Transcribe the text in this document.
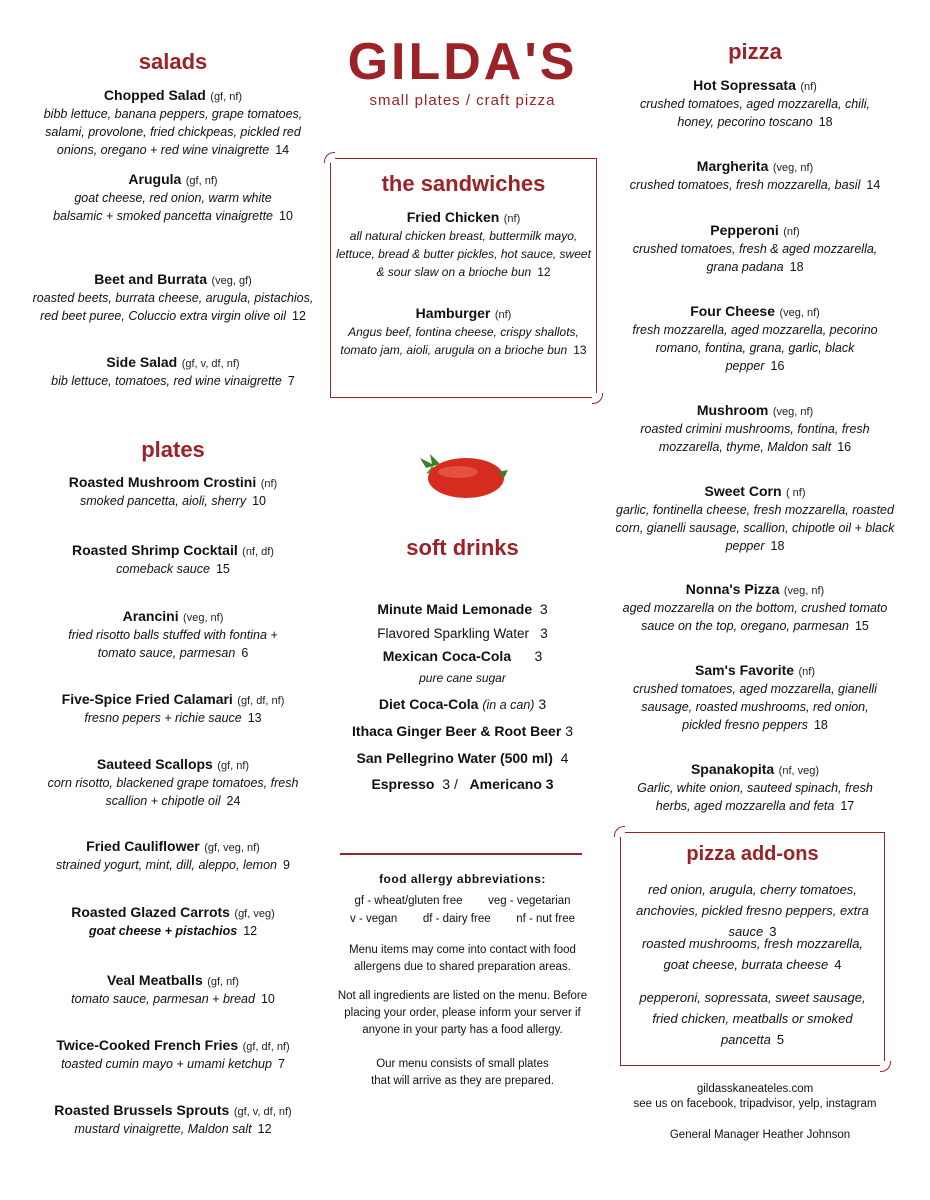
salads
Chopped Salad (gf, nf)
bibb lettuce, banana peppers, grape tomatoes, salami, provolone, fried chickpeas, pickled red onions, oregano + red wine vinaigrette 14
Arugula (gf, nf)
goat cheese, red onion, warm white balsamic + smoked pancetta vinaigrette 10
Beet and Burrata (veg, gf)
roasted beets, burrata cheese, arugula, pistachios, red beet puree, Coluccio extra virgin olive oil 12
Side Salad (gf, v, df, nf)
bib lettuce, tomatoes, red wine vinaigrette 7
plates
Roasted Mushroom Crostini (nf)
smoked pancetta, aioli, sherry 10
Roasted Shrimp Cocktail (nf, df)
comeback sauce 15
Arancini (veg, nf)
fried risotto balls stuffed with fontina + tomato sauce, parmesan 6
Five-Spice Fried Calamari (gf, df, nf)
fresno pepers + richie sauce 13
Sauteed Scallops (gf, nf)
corn risotto, blackened grape tomatoes, fresh scallion + chipotle oil 24
Fried Cauliflower (gf, veg, nf)
strained yogurt, mint, dill, aleppo, lemon 9
Roasted Glazed Carrots (gf, veg)
goat cheese + pistachios 12
Veal Meatballs (gf, nf)
tomato sauce, parmesan + bread 10
Twice-Cooked French Fries (gf, df, nf)
toasted cumin mayo + umami ketchup 7
Roasted Brussels Sprouts (gf, v, df, nf)
mustard vinaigrette, Maldon salt 12
GILDA'S
small plates / craft pizza
the sandwiches
Fried Chicken (nf)
all natural chicken breast, buttermilk mayo, lettuce, bread & butter pickles, hot sauce, sweet & sour slaw on a brioche bun 12
Hamburger (nf)
Angus beef, fontina cheese, crispy shallots, tomato jam, aioli, arugula on a brioche bun 13
soft drinks
Minute Maid Lemonade 3
Flavored Sparkling Water 3
Mexican Coca-Cola 3
pure cane sugar
Diet Coca-Cola (in a can) 3
Ithaca Ginger Beer & Root Beer 3
San Pellegrino Water (500 ml) 4
Espresso 3 / Americano 3
food allergy abbreviations:
gf - wheat/gluten free veg - vegetarian
v - vegan df - dairy free nf - nut free
Menu items may come into contact with food allergens due to shared preparation areas.
Not all ingredients are listed on the menu. Before placing your order, please inform your server if anyone in your party has a food allergy.
Our menu consists of small plates that will arrive as they are prepared.
pizza
Hot Sopressata (nf)
crushed tomatoes, aged mozzarella, chili, honey, pecorino toscano 18
Margherita (veg, nf)
crushed tomatoes, fresh mozzarella, basil 14
Pepperoni (nf)
crushed tomatoes, fresh & aged mozzarella, grana padana 18
Four Cheese (veg, nf)
fresh mozzarella, aged mozzarella, pecorino romano, fontina, grana, garlic, black pepper 16
Mushroom (veg, nf)
roasted crimini mushrooms, fontina, fresh mozzarella, thyme, Maldon salt 16
Sweet Corn ( nf)
garlic, fontinella cheese, fresh mozzarella, roasted corn, gianelli sausage, scallion, chipotle oil + black pepper 18
Nonna's Pizza (veg, nf)
aged mozzarella on the bottom, crushed tomato sauce on the top, oregano, parmesan 15
Sam's Favorite (nf)
crushed tomatoes, aged mozzarella, gianelli sausage, roasted mushrooms, red onion, pickled fresno peppers 18
Spanakopita (nf, veg)
Garlic, white onion, sauteed spinach, fresh herbs, aged mozzarella and feta 17
pizza add-ons
red onion, arugula, cherry tomatoes, anchovies, pickled fresno peppers, extra sauce 3
roasted mushrooms, fresh mozzarella, goat cheese, burrata cheese 4
pepperoni, sopressata, sweet sausage, fried chicken, meatballs or smoked pancetta 5
gildasskaneateles.com
see us on facebook, tripadvisor, yelp, instagram
General Manager Heather Johnson
